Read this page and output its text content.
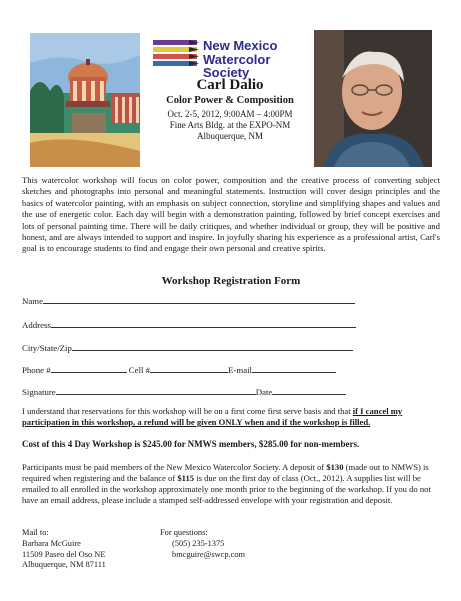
New Mexico
Watercolor Society
Carl Dalio
Color Power & Composition
Oct. 2-5, 2012, 9:00AM – 4:00PM
Fine Arts Bldg. at the EXPO-NM
Albuquerque, NM
This watercolor workshop will focus on color power, composition and the creative process of converting subject sketches and photographs into personal and meaningful statements. Instruction will cover design principles and the basics of watercolor painting, with an emphasis on subject connection, storyline and simplifying shapes and values and the use of energetic color. Each day will begin with a demonstration painting, followed by brief concept exercises and lots of personal painting time. There will be daily critiques, and whether individual or group, they will be positive and honest, and are always intended to support and inspire. In joyfully sharing his experience as a professional artist, Carl's goal is to encourage students to find and engage their own personal and creative spirits.
Workshop Registration Form
Name
Address
City/State/Zip
Phone #	Cell #	E-mail
Signature	Date
I understand that reservations for this workshop will be on a first come first serve basis and that if I cancel my participation in this workshop, a refund will be given ONLY when and if the workshop is filled.
Cost of this 4 Day Workshop is $245.00 for NMWS members, $285.00 for non-members.
Participants must be paid members of the New Mexico Watercolor Society. A deposit of $130 (made out to NMWS) is required when registering and the balance of $115 is due on the first day of class (Oct., 2012). A supplies list will be emailed to all enrolled in the workshop approximately one month prior to the beginning of the workshop. If you do not have an email address, please include a stamped self-addressed envelope with your registration and deposit.
Mail to:
Barbara McGuire
11509 Paseo del Oso NE
Albuquerque, NM 87111
For questions:
(505) 235-1375
bmcguire@swcp.com
